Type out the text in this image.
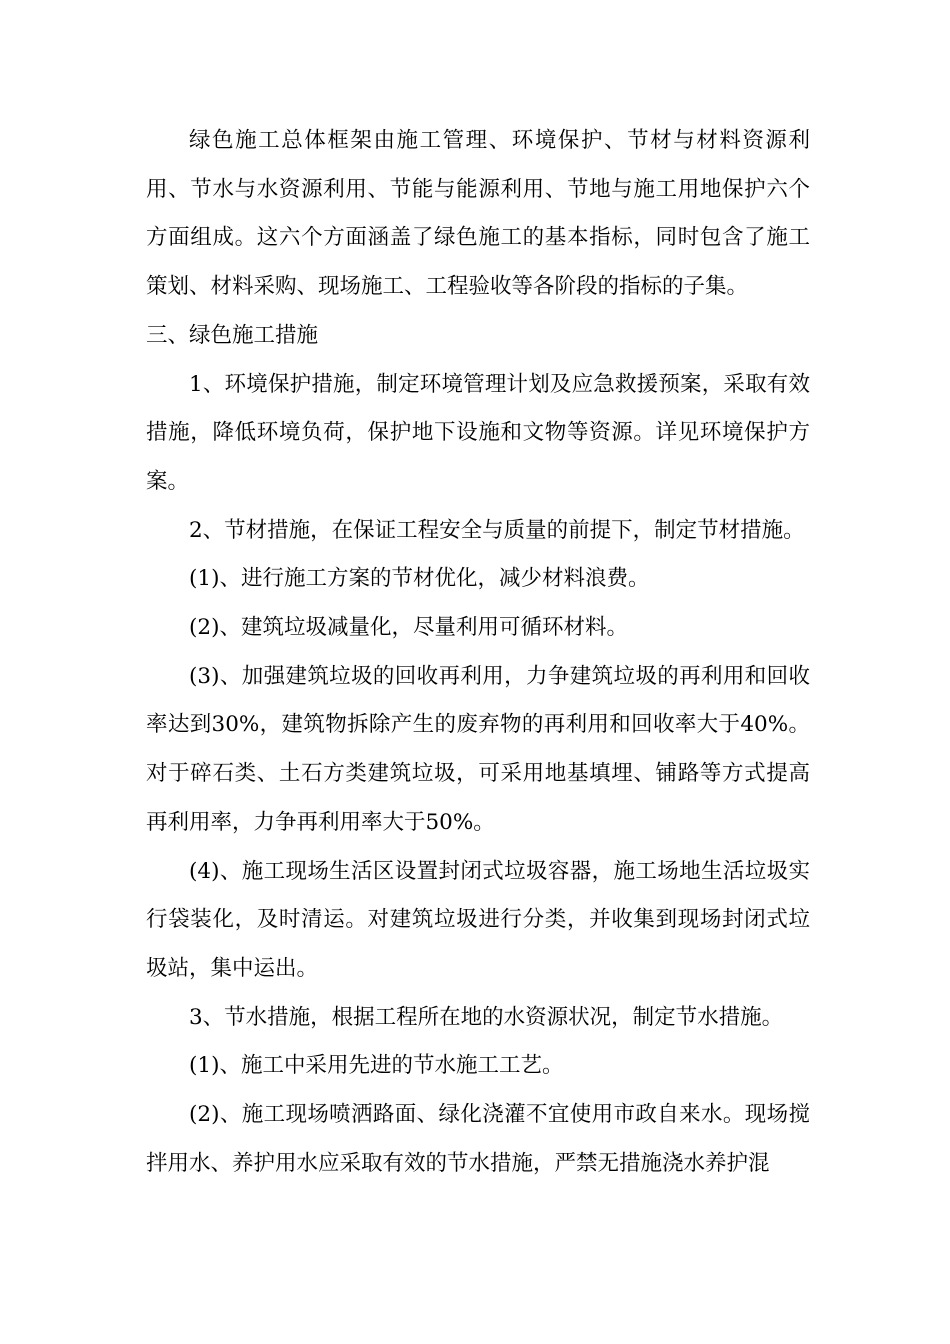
绿色施工总体框架由施工管理、环境保护、节材与材料资源利用、节水与水资源利用、节能与能源利用、节地与施工用地保护六个方面组成。这六个方面涵盖了绿色施工的基本指标，同时包含了施工策划、材料采购、现场施工、工程验收等各阶段的指标的子集。

三、绿色施工措施

1、环境保护措施，制定环境管理计划及应急救援预案，采取有效措施，降低环境负荷，保护地下设施和文物等资源。详见环境保护方案。

2、节材措施，在保证工程安全与质量的前提下，制定节材措施。

(1)、进行施工方案的节材优化，减少材料浪费。

(2)、建筑垃圾减量化，尽量利用可循环材料。

(3)、加强建筑垃圾的回收再利用，力争建筑垃圾的再利用和回收率达到30%，建筑物拆除产生的废弃物的再利用和回收率大于40%。对于碎石类、土石方类建筑垃圾，可采用地基填埋、铺路等方式提高再利用率，力争再利用率大于50%。

(4)、施工现场生活区设置封闭式垃圾容器，施工场地生活垃圾实行袋装化，及时清运。对建筑垃圾进行分类，并收集到现场封闭式垃圾站，集中运出。

3、节水措施，根据工程所在地的水资源状况，制定节水措施。

(1)、施工中采用先进的节水施工工艺。

(2)、施工现场喷洒路面、绿化浇灌不宜使用市政自来水。现场搅拌用水、养护用水应采取有效的节水措施，严禁无措施浇水养护混
